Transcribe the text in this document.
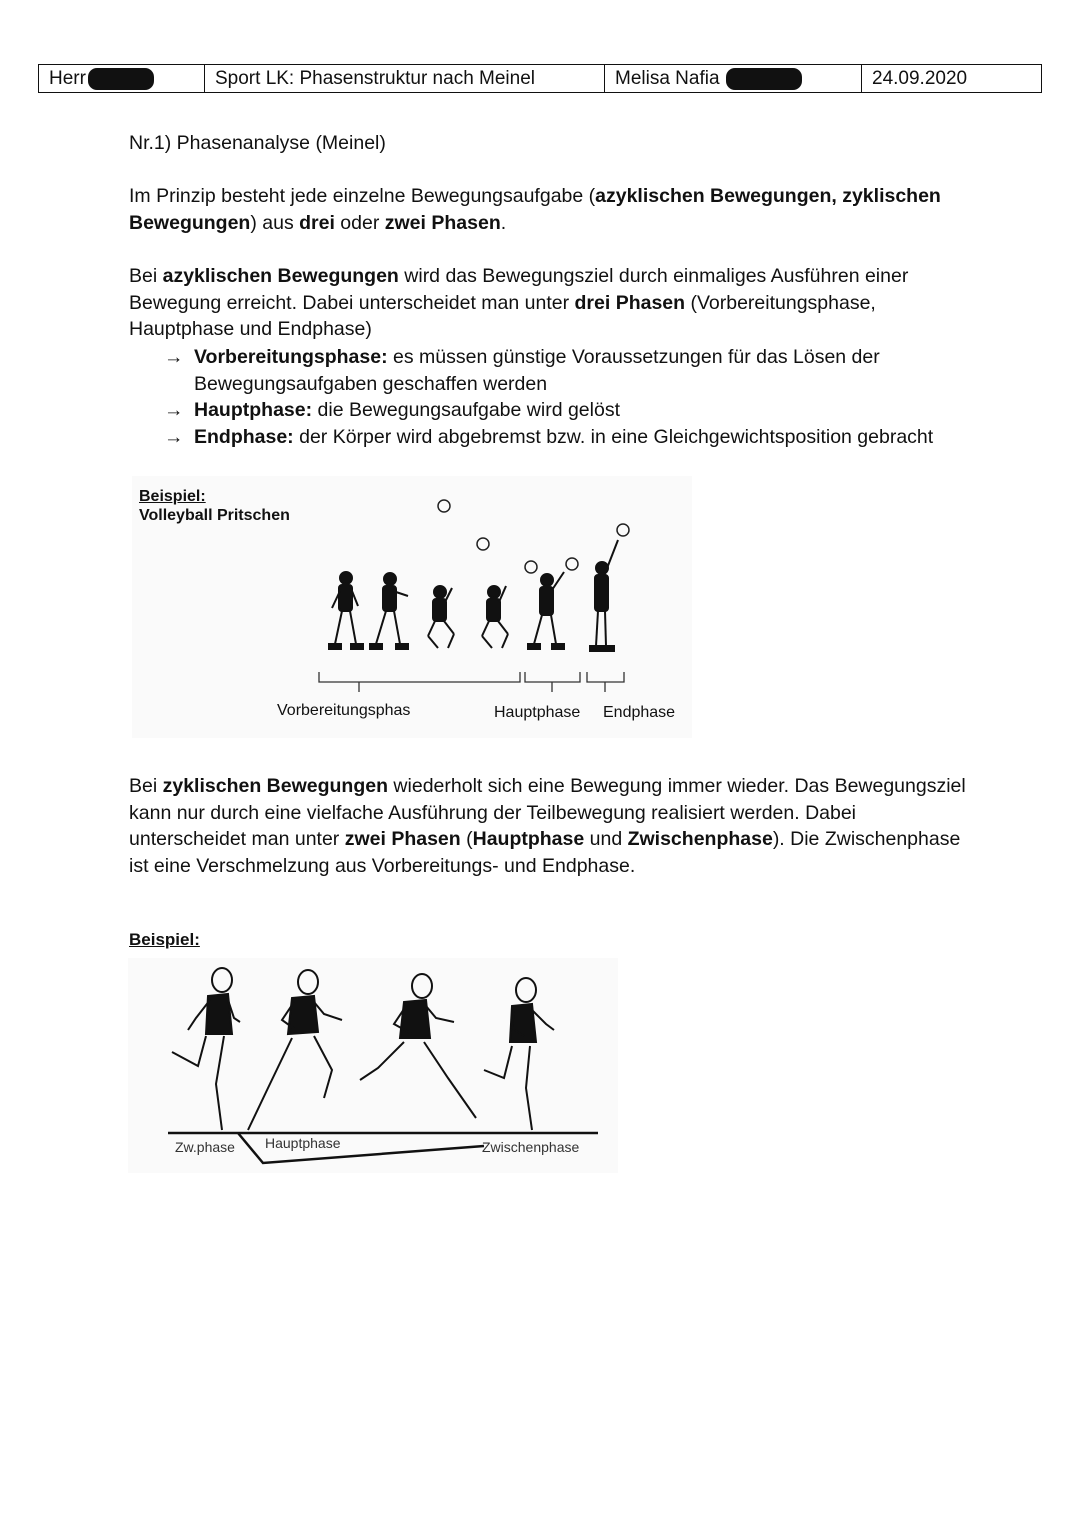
Herr	Sport LK: Phasenstruktur nach Meinel	Melisa Nafia	24.09.2020

Nr.1) Phasenanalyse (Meinel)

Im Prinzip besteht jede einzelne Bewegungsaufgabe (azyklischen Bewegungen, zyklischen Bewegungen) aus drei oder zwei Phasen.

Bei azyklischen Bewegungen wird das Bewegungsziel durch einmaliges Ausführen einer Bewegung erreicht. Dabei unterscheidet man unter drei Phasen (Vorbereitungsphase, Hauptphase und Endphase)

→ Vorbereitungsphase: es müssen günstige Voraussetzungen für das Lösen der Bewegungsaufgaben geschaffen werden
→ Hauptphase: die Bewegungsaufgabe wird gelöst
→ Endphase: der Körper wird abgebremst bzw. in eine Gleichgewichtsposition gebracht
Beispiel:
Volleyball Pritschen
Vorbereitungsphas	Hauptphase Endphase

Bei zyklischen Bewegungen wiederholt sich eine Bewegung immer wieder. Das Bewegungsziel kann nur durch eine vielfache Ausführung der Teilbewegung realisiert werden. Dabei unterscheidet man unter zwei Phasen (Hauptphase und Zwischenphase). Die Zwischenphase ist eine Verschmelzung aus Vorbereitungs- und Endphase.

Beispiel:
Zw.phase Hauptphase	Zwischenphase
